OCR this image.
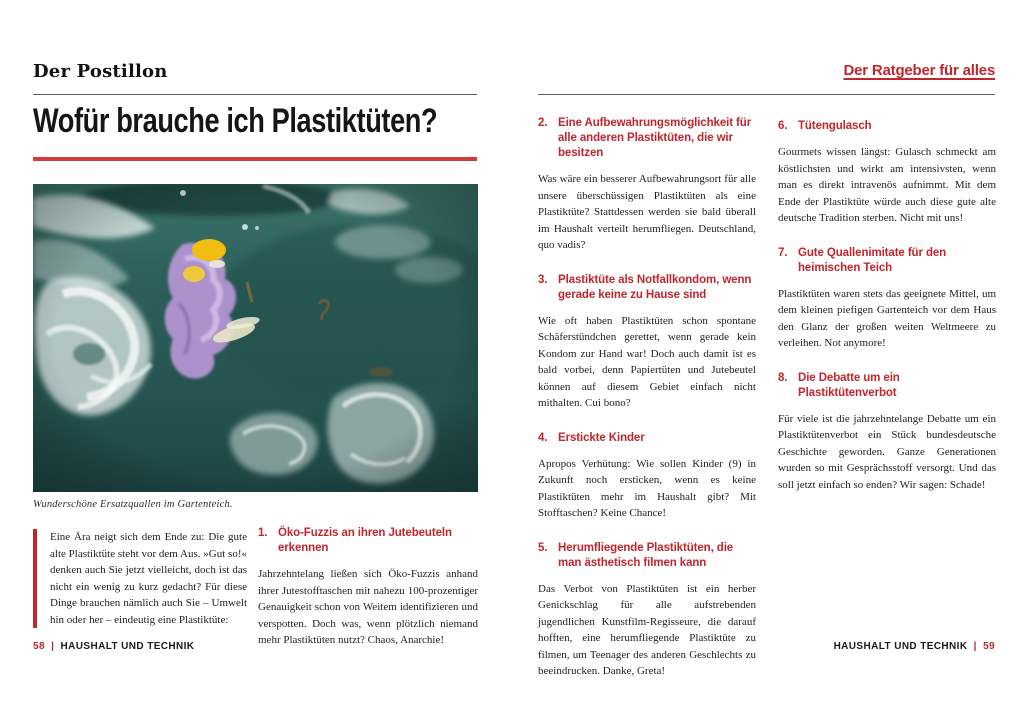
Der Postillon	Der Ratgeber für alles
Wofür brauche ich Plastiktüten?
Wunderschöne Ersatzquallen im Gartenteich.

Eine Ära neigt sich dem Ende zu: Die gute alte Plastiktüte steht vor dem Aus. »Gut so!« denken auch Sie jetzt vielleicht, doch ist das nicht ein wenig zu kurz gedacht? Für diese Dinge brauchen nämlich auch Sie – Umwelt hin oder her – eindeutig eine Plastiktüte:

1. Öko-Fuzzis an ihren Jutebeuteln erkennen

Jahrzehntelang ließen sich Öko-Fuzzis anhand ihrer Jutestofftaschen mit nahezu 100-prozentiger Genauigkeit schon von Weitem identifizieren und verspotten. Doch was, wenn plötzlich niemand mehr Plastiktüten nutzt? Chaos, Anarchie!

2. Eine Aufbewahrungsmöglichkeit für alle anderen Plastiktüten, die wir besitzen

Was wäre ein besserer Aufbewahrungsort für alle unsere überschüssigen Plastiktüten als eine Plastiktüte? Stattdessen werden sie bald überall im Haushalt verteilt herumfliegen. Deutschland, quo vadis?

3. Plastiktüte als Notfallkondom, wenn gerade keine zu Hause sind

Wie oft haben Plastiktüten schon spontane Schäferstündchen gerettet, wenn gerade kein Kondom zur Hand war! Doch auch damit ist es bald vorbei, denn Papiertüten und Jutebeutel können auf diesem Gebiet einfach nicht mithalten. Cui bono?

4. Erstickte Kinder

Apropos Verhütung: Wie sollen Kinder (9) in Zukunft noch ersticken, wenn es keine Plastiktüten mehr im Haushalt gibt? Mit Stofftaschen? Keine Chance!

5. Herumfliegende Plastiktüten, die man ästhetisch filmen kann

Das Verbot von Plastiktüten ist ein herber Genickschlag für alle aufstrebenden jugendlichen Kunstfilm-Regisseure, die darauf hofften, eine herumfliegende Plastiktüte zu filmen, um Teenager des anderen Geschlechts zu beeindrucken. Danke, Greta!

6. Tütengulasch

Gourmets wissen längst: Gulasch schmeckt am köstlichsten und wirkt am intensivsten, wenn man es direkt intravenös aufnimmt. Mit dem Ende der Plastiktüte würde auch diese gute alte deutsche Tradition sterben. Nicht mit uns!

7. Gute Quallenimitate für den heimischen Teich

Plastiktüten waren stets das geeignete Mittel, um dem kleinen piefigen Gartenteich vor dem Haus den Glanz der großen weiten Weltmeere zu verleihen. Not anymore!

8. Die Debatte um ein Plastiktütenverbot

Für viele ist die jahrzehntelange Debatte um ein Plastiktütenverbot ein Stück bundesdeutsche Geschichte geworden. Ganze Generationen wurden so mit Gesprächsstoff versorgt. Und das soll jetzt einfach so enden? Wir sagen: Schade!

58 | HAUSHALT UND TECHNIK	HAUSHALT UND TECHNIK | 59
